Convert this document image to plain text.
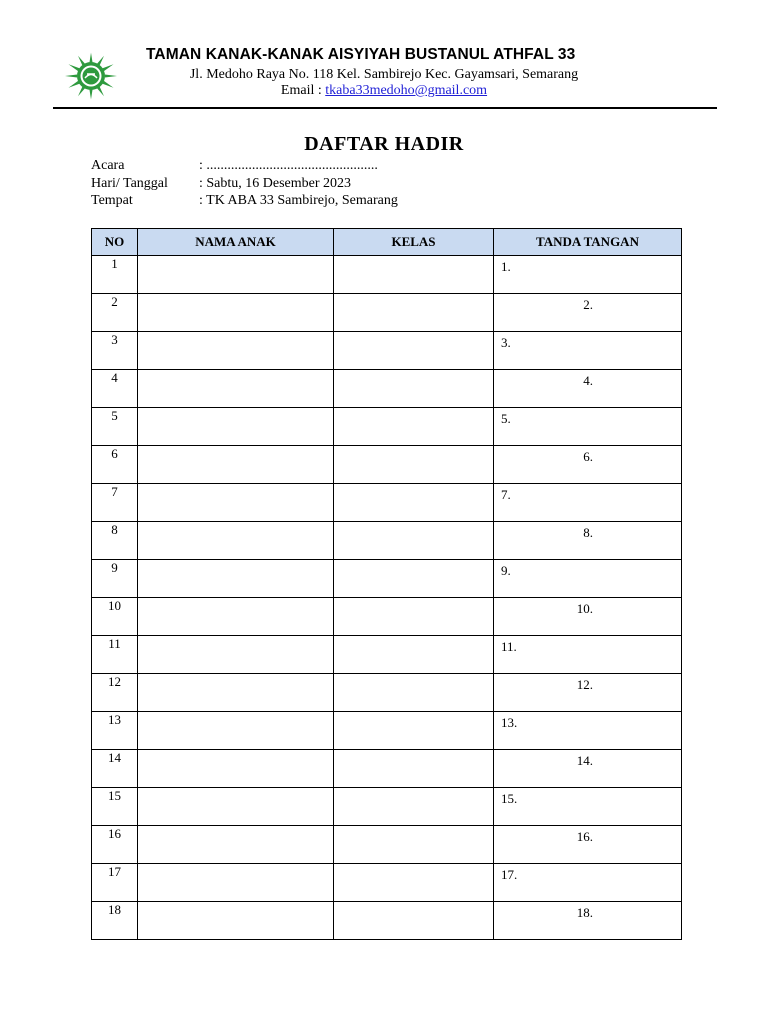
TAMAN KANAK-KANAK AISYIYAH BUSTANUL ATHFAL 33
Jl. Medoho Raya No. 118 Kel. Sambirejo Kec. Gayamsari, Semarang
Email : tkaba33medoho@gmail.com
DAFTAR HADIR
Acara	: .................................................
Hari/ Tanggal : Sabtu, 16 Desember 2023
Tempat	: TK ABA 33 Sambirejo, Semarang
NO	NAMA ANAK	KELAS	TANDA TANGAN
1			1.

2			2.

3			3.

4			4.

5			5.

6			6.

7			7.

8			8.

9			9.

10			10.

11			11.

12			12.

13			13.

14			14.

15			15.

16			16.

17			17.

18			18.
